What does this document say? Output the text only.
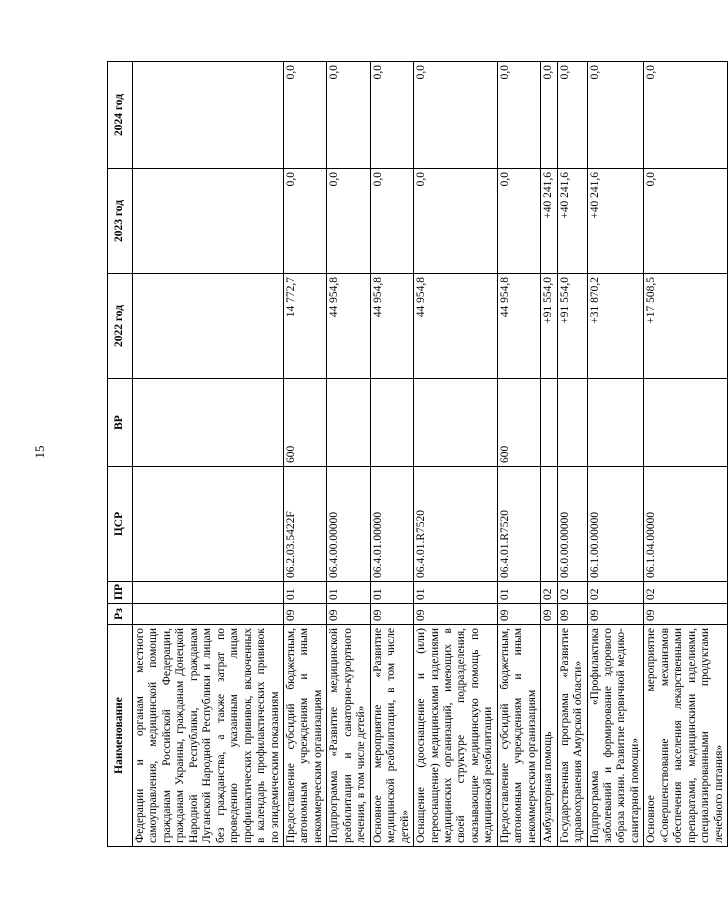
15
Наименование	Рз	ПР	ЦСР	ВР	2022 год	2023 год	2024 год
Федерации и органам местного самоуправления, медицинской помощи гражданам Российской Федерации, гражданам Украины, гражданам Донецкой Народной Республики, гражданам Луганской Народной Республики и лицам без гражданства, а также затрат по проведению указанным лицам профилактических прививок, включенных в календарь профилактических прививок по эпидемическим показаниям							
Предоставление субсидий бюджетным, автономным учреждениям и иным некоммерческим организациям	09	01	06.2.03.5422F	600	14 772,7	0,0	0,0
Подпрограмма «Развитие медицинской реабилитации и санаторно-курортного лечения, в том числе детей»	09	01	06.4.00.00000		44 954,8	0,0	0,0
Основное мероприятие «Развитие медицинской реабилитации, в том числе детей»	09	01	06.4.01.00000		44 954,8	0,0	0,0
Оснащение (дооснащение и (или) переоснащение) медицинскими изделиями медицинских организаций, имеющих в своей структуре подразделения, оказывающие медицинскую помощь по медицинской реабилитации	09	01	06.4.01.R7520		44 954,8	0,0	0,0
Предоставление субсидий бюджетным, автономным учреждениям и иным некоммерческим организациям	09	01	06.4.01.R7520	600	44 954,8	0,0	0,0
Амбулаторная помощь	09	02			+91 554,0	+40 241,6	0,0
Государственная программа «Развитие здравоохранения Амурской области»	09	02	06.0.00.00000		+91 554,0	+40 241,6	0,0
Подпрограмма «Профилактика заболеваний и формирование здорового образа жизни. Развитие первичной медико-санитарной помощи»	09	02	06.1.00.00000		+31 870,2	+40 241,6	0,0
Основное мероприятие «Совершенствование механизмов обеспечения населения лекарственными препаратами, медицинскими изделиями, специализированными продуктами лечебного питания»	09	02	06.1.04.00000		+17 508,5	0,0	0,0
